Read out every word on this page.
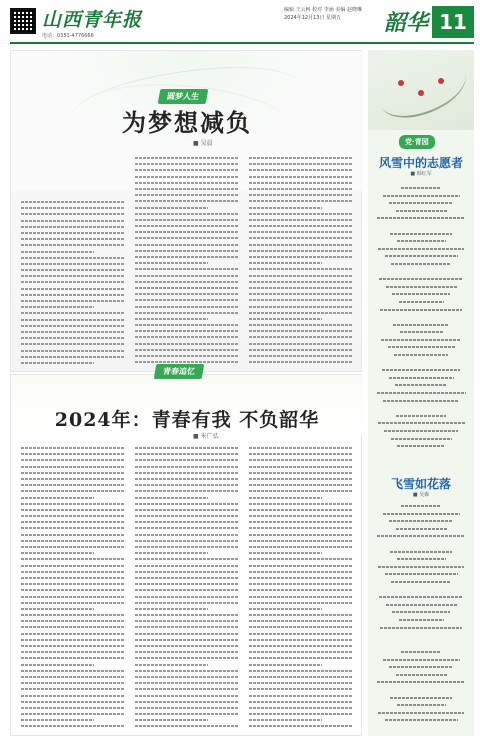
山西青年报
电话：0351-4776666
编辑 王云柯 校对 李涵 美编 赵晓琳
2024年12月13日 星期五	韶华 11
圆梦人生
为梦想减负
■ 吴晨
2024年：青春有我 不负韶华
■ 米广弘
青春追忆
党·青园
风雪中的志愿者
■ 韩红军
飞雪如花落
■ 吴森
